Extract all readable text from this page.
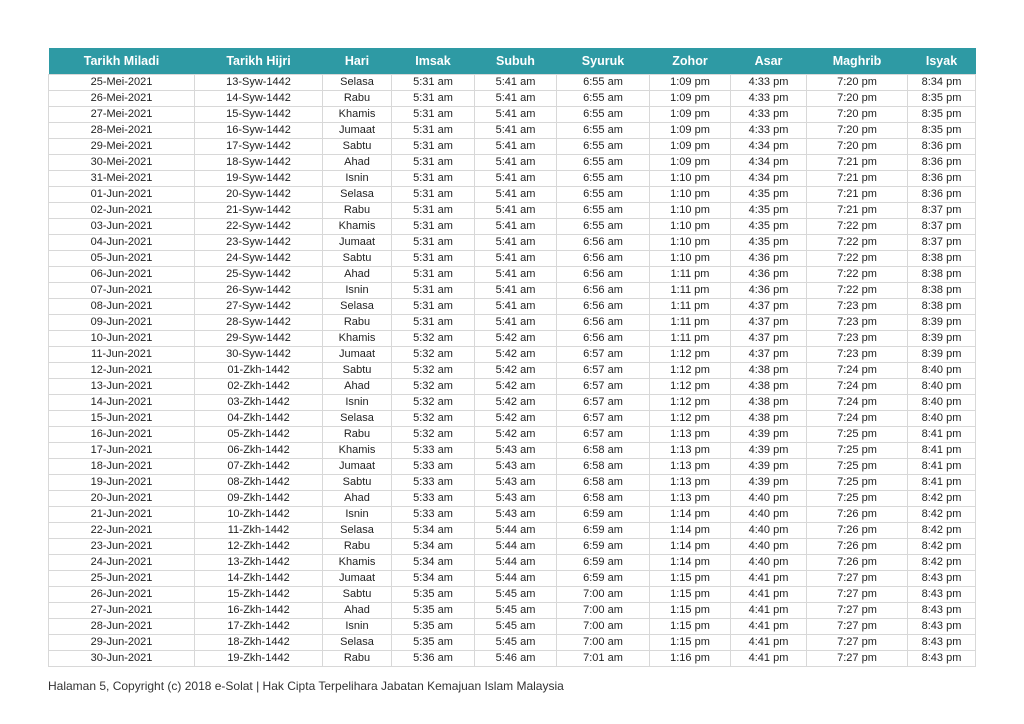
Tarikh Miladi	Tarikh Hijri	Hari	Imsak	Subuh	Syuruk	Zohor	Asar	Maghrib	Isyak
25-Mei-2021	13-Syw-1442	Selasa	5:31 am	5:41 am	6:55 am	1:09 pm	4:33 pm	7:20 pm	8:34 pm
26-Mei-2021	14-Syw-1442	Rabu	5:31 am	5:41 am	6:55 am	1:09 pm	4:33 pm	7:20 pm	8:35 pm
27-Mei-2021	15-Syw-1442	Khamis	5:31 am	5:41 am	6:55 am	1:09 pm	4:33 pm	7:20 pm	8:35 pm
28-Mei-2021	16-Syw-1442	Jumaat	5:31 am	5:41 am	6:55 am	1:09 pm	4:33 pm	7:20 pm	8:35 pm
29-Mei-2021	17-Syw-1442	Sabtu	5:31 am	5:41 am	6:55 am	1:09 pm	4:34 pm	7:20 pm	8:36 pm
30-Mei-2021	18-Syw-1442	Ahad	5:31 am	5:41 am	6:55 am	1:09 pm	4:34 pm	7:21 pm	8:36 pm
31-Mei-2021	19-Syw-1442	Isnin	5:31 am	5:41 am	6:55 am	1:10 pm	4:34 pm	7:21 pm	8:36 pm
01-Jun-2021	20-Syw-1442	Selasa	5:31 am	5:41 am	6:55 am	1:10 pm	4:35 pm	7:21 pm	8:36 pm
02-Jun-2021	21-Syw-1442	Rabu	5:31 am	5:41 am	6:55 am	1:10 pm	4:35 pm	7:21 pm	8:37 pm
03-Jun-2021	22-Syw-1442	Khamis	5:31 am	5:41 am	6:55 am	1:10 pm	4:35 pm	7:22 pm	8:37 pm
04-Jun-2021	23-Syw-1442	Jumaat	5:31 am	5:41 am	6:56 am	1:10 pm	4:35 pm	7:22 pm	8:37 pm
05-Jun-2021	24-Syw-1442	Sabtu	5:31 am	5:41 am	6:56 am	1:10 pm	4:36 pm	7:22 pm	8:38 pm
06-Jun-2021	25-Syw-1442	Ahad	5:31 am	5:41 am	6:56 am	1:11 pm	4:36 pm	7:22 pm	8:38 pm
07-Jun-2021	26-Syw-1442	Isnin	5:31 am	5:41 am	6:56 am	1:11 pm	4:36 pm	7:22 pm	8:38 pm
08-Jun-2021	27-Syw-1442	Selasa	5:31 am	5:41 am	6:56 am	1:11 pm	4:37 pm	7:23 pm	8:38 pm
09-Jun-2021	28-Syw-1442	Rabu	5:31 am	5:41 am	6:56 am	1:11 pm	4:37 pm	7:23 pm	8:39 pm
10-Jun-2021	29-Syw-1442	Khamis	5:32 am	5:42 am	6:56 am	1:11 pm	4:37 pm	7:23 pm	8:39 pm
11-Jun-2021	30-Syw-1442	Jumaat	5:32 am	5:42 am	6:57 am	1:12 pm	4:37 pm	7:23 pm	8:39 pm
12-Jun-2021	01-Zkh-1442	Sabtu	5:32 am	5:42 am	6:57 am	1:12 pm	4:38 pm	7:24 pm	8:40 pm
13-Jun-2021	02-Zkh-1442	Ahad	5:32 am	5:42 am	6:57 am	1:12 pm	4:38 pm	7:24 pm	8:40 pm
14-Jun-2021	03-Zkh-1442	Isnin	5:32 am	5:42 am	6:57 am	1:12 pm	4:38 pm	7:24 pm	8:40 pm
15-Jun-2021	04-Zkh-1442	Selasa	5:32 am	5:42 am	6:57 am	1:12 pm	4:38 pm	7:24 pm	8:40 pm
16-Jun-2021	05-Zkh-1442	Rabu	5:32 am	5:42 am	6:57 am	1:13 pm	4:39 pm	7:25 pm	8:41 pm
17-Jun-2021	06-Zkh-1442	Khamis	5:33 am	5:43 am	6:58 am	1:13 pm	4:39 pm	7:25 pm	8:41 pm
18-Jun-2021	07-Zkh-1442	Jumaat	5:33 am	5:43 am	6:58 am	1:13 pm	4:39 pm	7:25 pm	8:41 pm
19-Jun-2021	08-Zkh-1442	Sabtu	5:33 am	5:43 am	6:58 am	1:13 pm	4:39 pm	7:25 pm	8:41 pm
20-Jun-2021	09-Zkh-1442	Ahad	5:33 am	5:43 am	6:58 am	1:13 pm	4:40 pm	7:25 pm	8:42 pm
21-Jun-2021	10-Zkh-1442	Isnin	5:33 am	5:43 am	6:59 am	1:14 pm	4:40 pm	7:26 pm	8:42 pm
22-Jun-2021	11-Zkh-1442	Selasa	5:34 am	5:44 am	6:59 am	1:14 pm	4:40 pm	7:26 pm	8:42 pm
23-Jun-2021	12-Zkh-1442	Rabu	5:34 am	5:44 am	6:59 am	1:14 pm	4:40 pm	7:26 pm	8:42 pm
24-Jun-2021	13-Zkh-1442	Khamis	5:34 am	5:44 am	6:59 am	1:14 pm	4:40 pm	7:26 pm	8:42 pm
25-Jun-2021	14-Zkh-1442	Jumaat	5:34 am	5:44 am	6:59 am	1:15 pm	4:41 pm	7:27 pm	8:43 pm
26-Jun-2021	15-Zkh-1442	Sabtu	5:35 am	5:45 am	7:00 am	1:15 pm	4:41 pm	7:27 pm	8:43 pm
27-Jun-2021	16-Zkh-1442	Ahad	5:35 am	5:45 am	7:00 am	1:15 pm	4:41 pm	7:27 pm	8:43 pm
28-Jun-2021	17-Zkh-1442	Isnin	5:35 am	5:45 am	7:00 am	1:15 pm	4:41 pm	7:27 pm	8:43 pm
29-Jun-2021	18-Zkh-1442	Selasa	5:35 am	5:45 am	7:00 am	1:15 pm	4:41 pm	7:27 pm	8:43 pm
30-Jun-2021	19-Zkh-1442	Rabu	5:36 am	5:46 am	7:01 am	1:16 pm	4:41 pm	7:27 pm	8:43 pm
Halaman 5, Copyright (c) 2018 e-Solat | Hak Cipta Terpelihara Jabatan Kemajuan Islam Malaysia
